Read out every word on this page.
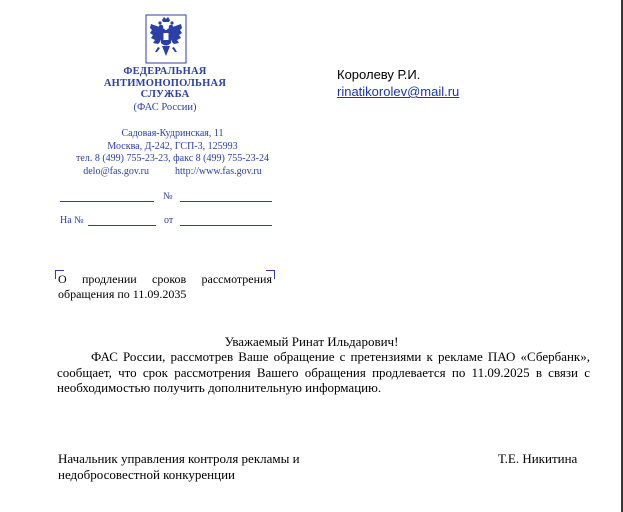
ФЕДЕРАЛЬНАЯ
АНТИМОНОПОЛЬНАЯ
СЛУЖБА
(ФАС России)
Садовая-Кудринская, 11
Москва, Д-242, ГСП-3, 125993
тел. 8 (499) 755-23-23, факс 8 (499) 755-23-24
delo@fas.gov.ru	http://www.fas.gov.ru
№
На №	от
Королеву Р.И.
rinatikorolev@mail.ru
О продлении сроков рассмотрения обращения по 11.09.2035
Уважаемый Ринат Ильдарович!
ФАС России, рассмотрев Ваше обращение с претензиями к рекламе ПАО «Сбербанк», сообщает, что срок рассмотрения Вашего обращения продлевается по 11.09.2025 в связи с необходимостью получить дополнительную информацию.
Начальник управления контроля рекламы и
недобросовестной конкуренции
Т.Е. Никитина
